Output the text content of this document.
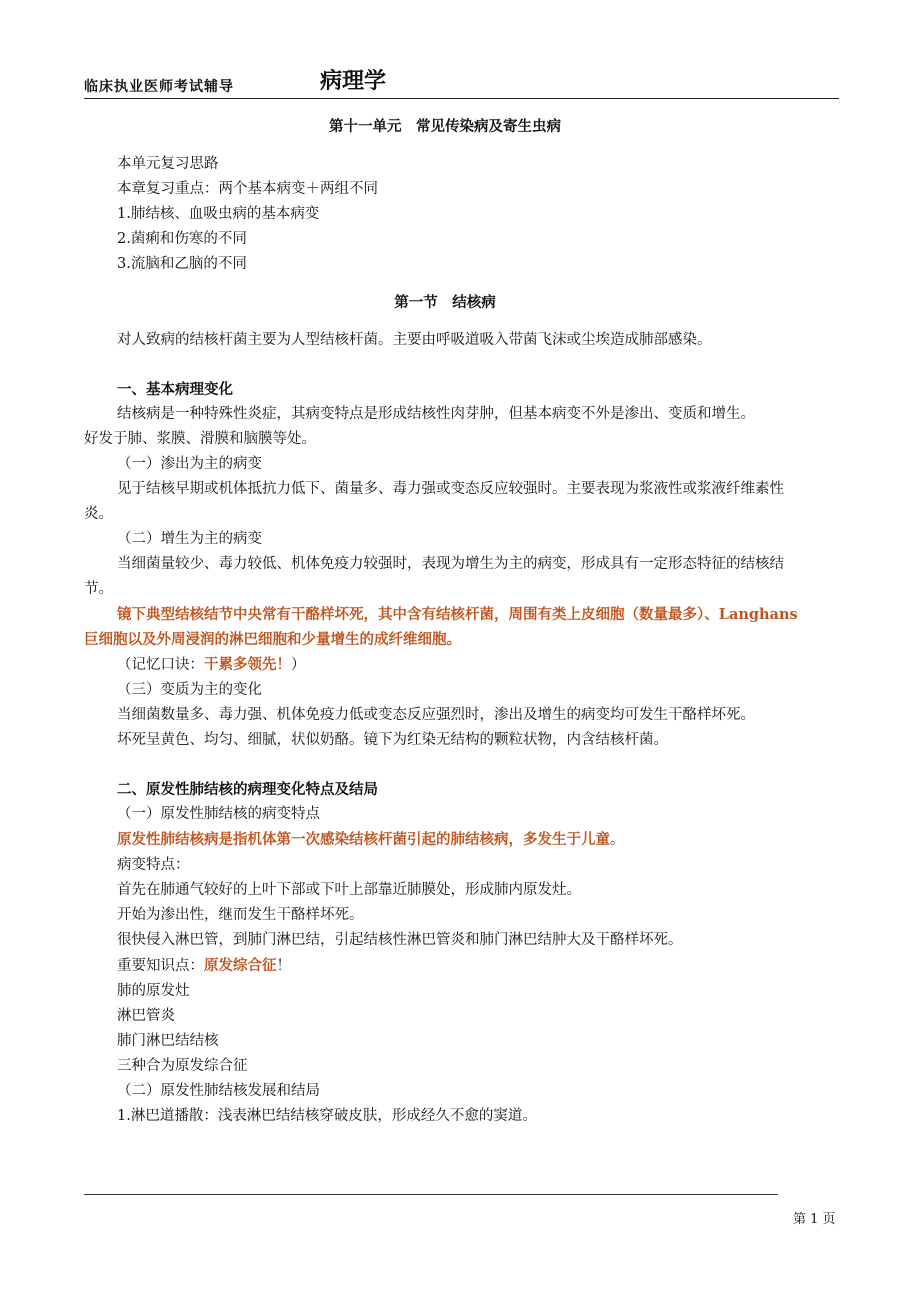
临床执业医师考试辅导	病理学
第十一单元　常见传染病及寄生虫病
本单元复习思路
本章复习重点：两个基本病变＋两组不同
1.肺结核、血吸虫病的基本病变
2.菌痢和伤寒的不同
3.流脑和乙脑的不同
第一节　结核病
对人致病的结核杆菌主要为人型结核杆菌。主要由呼吸道吸入带菌飞沫或尘埃造成肺部感染。
一、基本病理变化
结核病是一种特殊性炎症，其病变特点是形成结核性肉芽肿，但基本病变不外是渗出、变质和增生。
好发于肺、浆膜、滑膜和脑膜等处。
（一）渗出为主的病变
见于结核早期或机体抵抗力低下、菌量多、毒力强或变态反应较强时。主要表现为浆液性或浆液纤维素性炎。
（二）增生为主的病变
当细菌量较少、毒力较低、机体免疫力较强时，表现为增生为主的病变，形成具有一定形态特征的结核结节。
镜下典型结核结节中央常有干酪样坏死，其中含有结核杆菌，周围有类上皮细胞（数量最多）、Langhans巨细胞以及外周浸润的淋巴细胞和少量增生的成纤维细胞。
（记忆口诀：干累多领先！）
（三）变质为主的变化
当细菌数量多、毒力强、机体免疫力低或变态反应强烈时，渗出及增生的病变均可发生干酪样坏死。
坏死呈黄色、均匀、细腻，状似奶酪。镜下为红染无结构的颗粒状物，内含结核杆菌。
二、原发性肺结核的病理变化特点及结局
（一）原发性肺结核的病变特点
原发性肺结核病是指机体第一次感染结核杆菌引起的肺结核病，多发生于儿童。
病变特点：
首先在肺通气较好的上叶下部或下叶上部靠近肺膜处，形成肺内原发灶。
开始为渗出性，继而发生干酪样坏死。
很快侵入淋巴管，到肺门淋巴结，引起结核性淋巴管炎和肺门淋巴结肿大及干酪样坏死。
重要知识点：原发综合征！
肺的原发灶
淋巴管炎
肺门淋巴结结核
三种合为原发综合征
（二）原发性肺结核发展和结局
1.淋巴道播散：浅表淋巴结结核穿破皮肤，形成经久不愈的窦道。
第 1 页
